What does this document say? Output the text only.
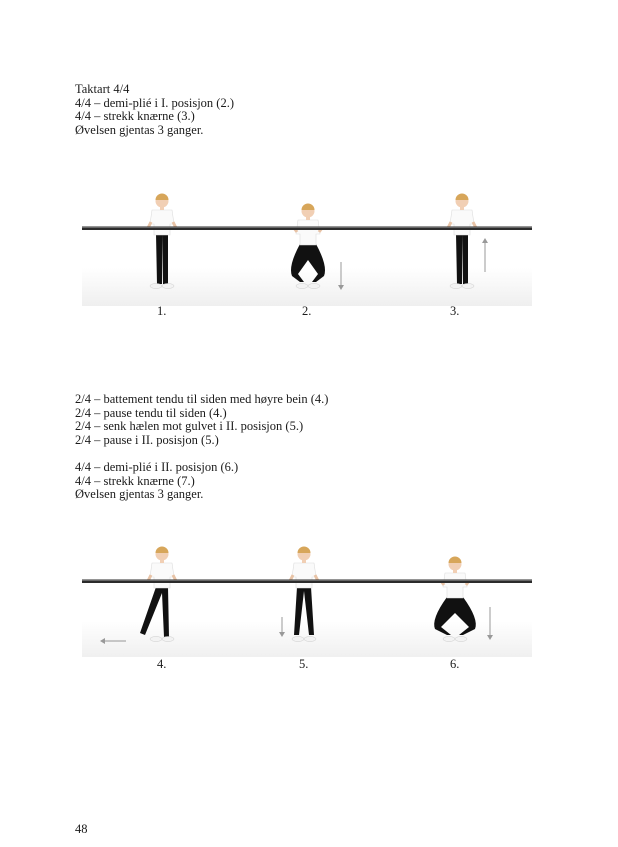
Taktart 4/4
4/4 – demi-plié i I. posisjon (2.)
4/4 – strekk knærne (3.)
Øvelsen gjentas 3 ganger.
1.	2.	3.
2/4 – battement tendu til siden med høyre bein (4.)
2/4 – pause tendu til siden (4.)
2/4 – senk hælen mot gulvet i II. posisjon (5.)
2/4 – pause i II. posisjon (5.)
4/4 – demi-plié i II. posisjon (6.)
4/4 – strekk knærne (7.)
Øvelsen gjentas 3 ganger.
4.	5.	6.
48
